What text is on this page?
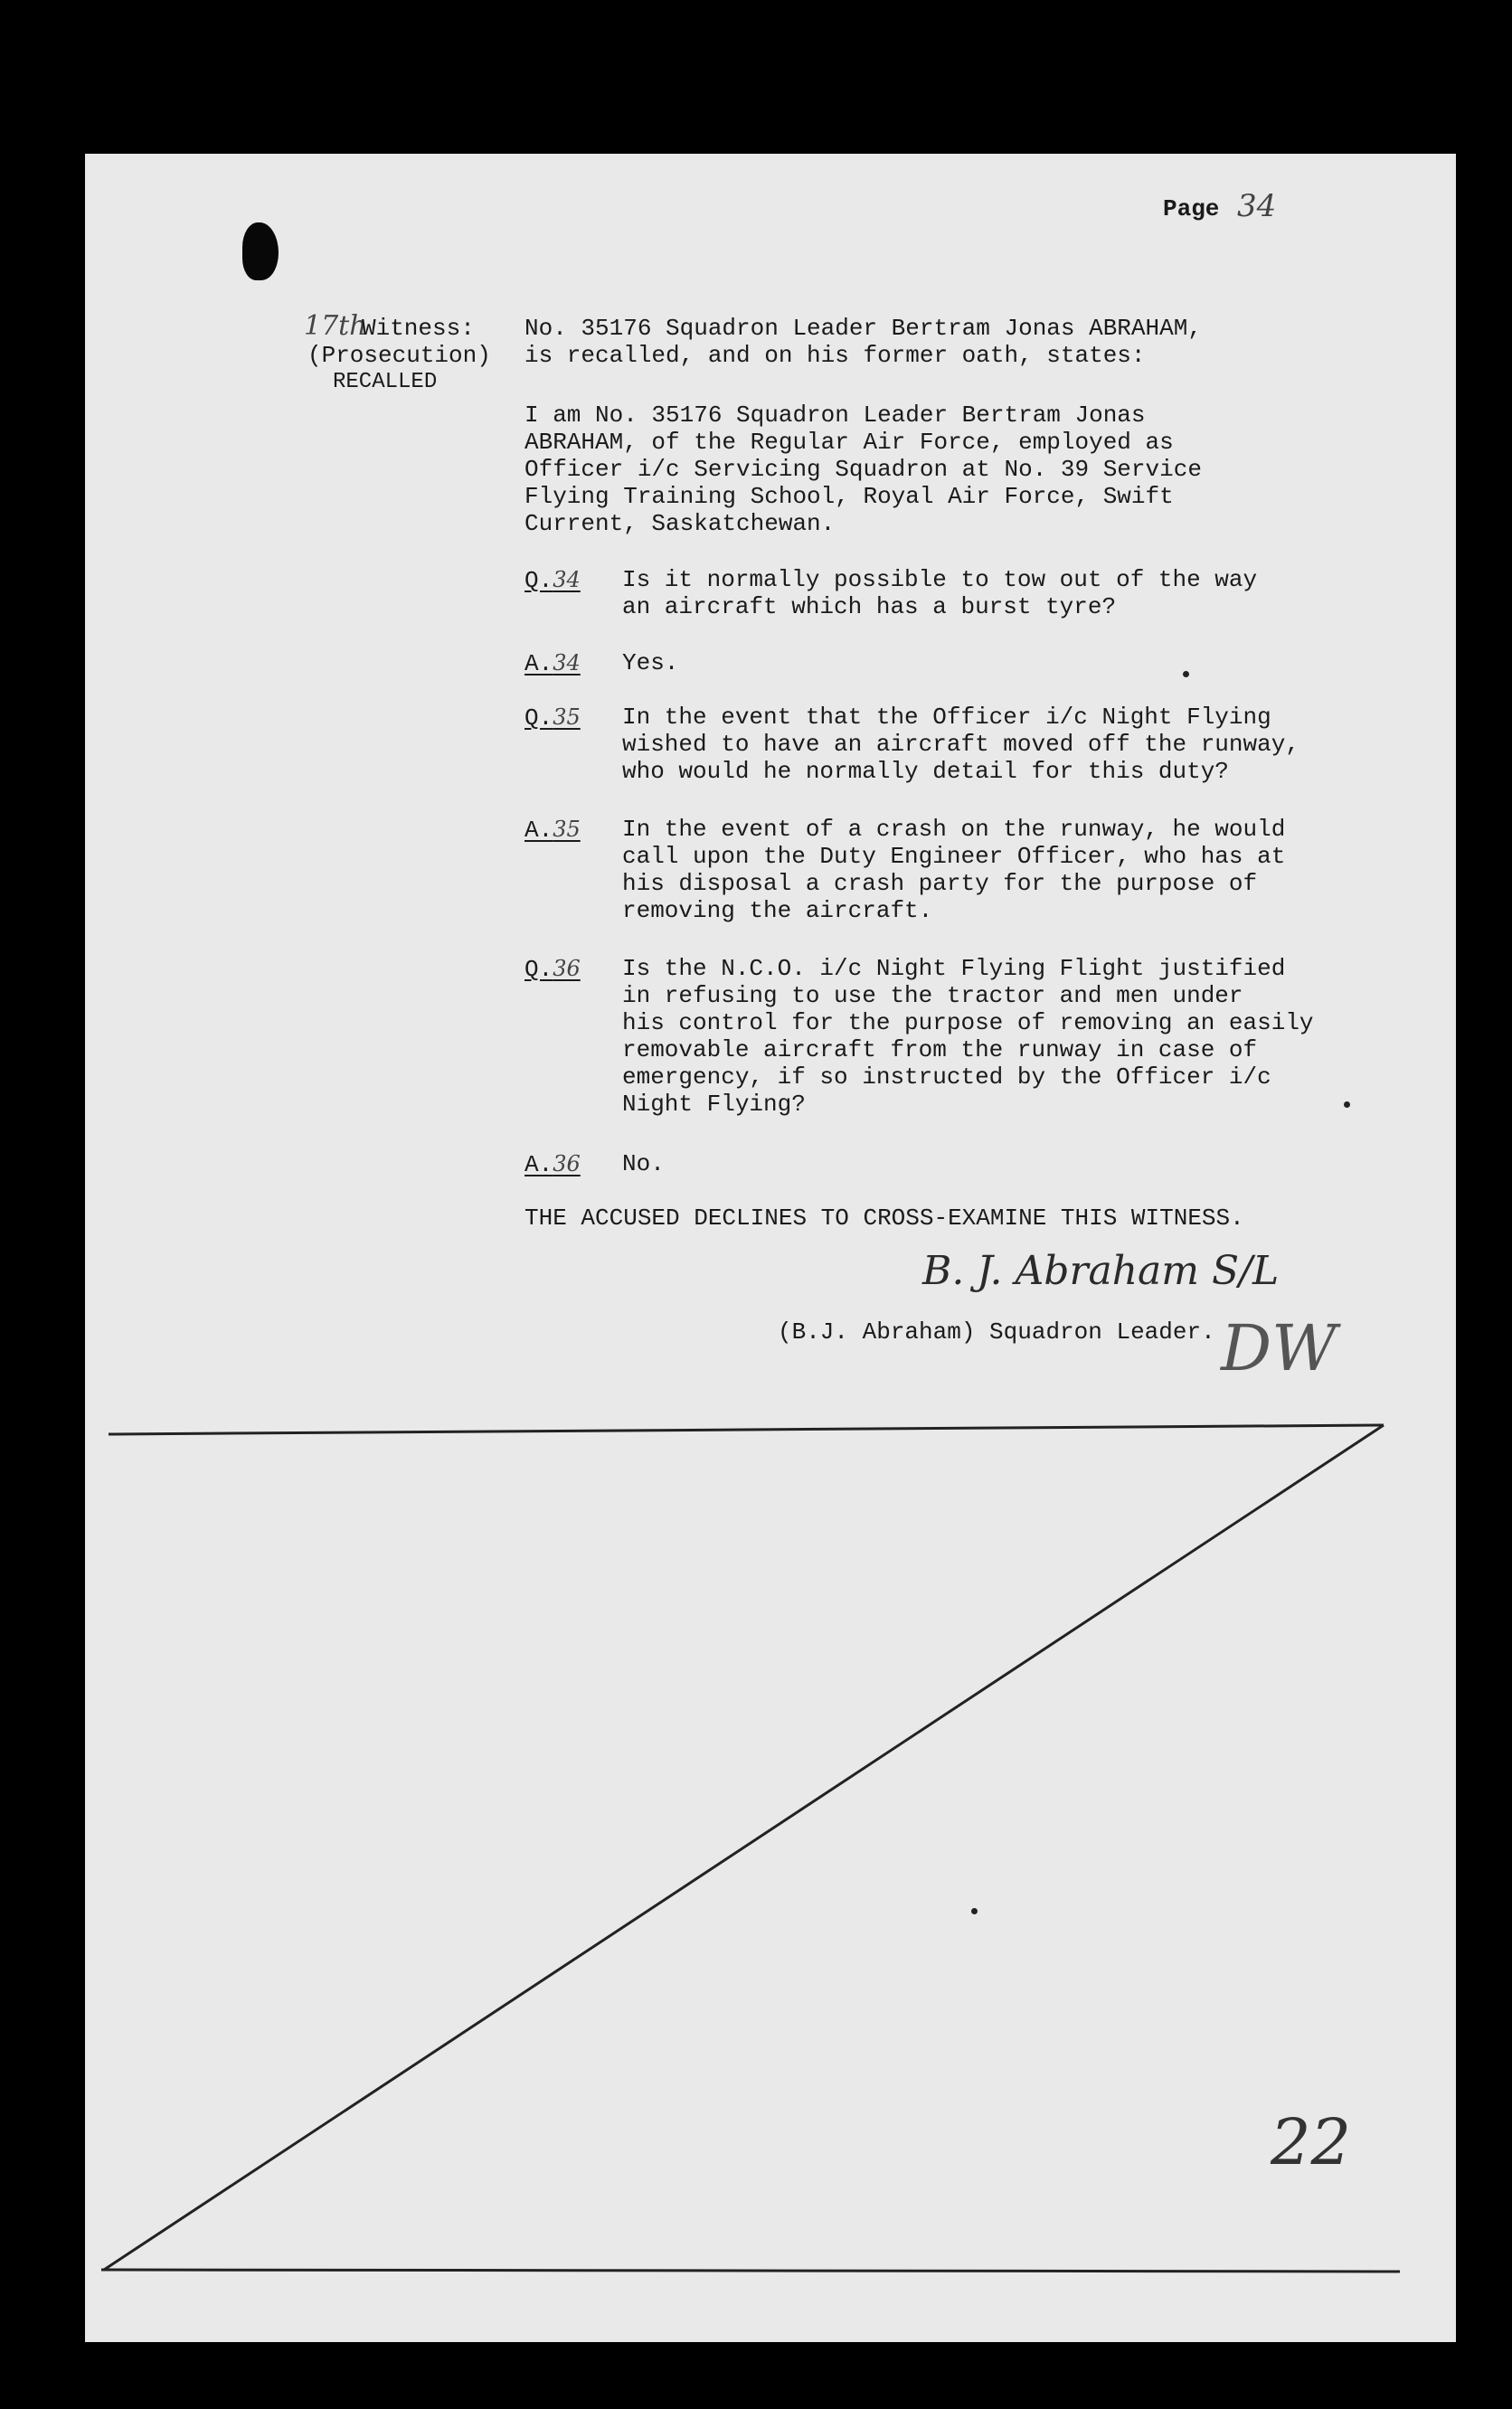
Page 34
17th
Witness:
(Prosecution)
RECALLED
No. 35176 Squadron Leader Bertram Jonas ABRAHAM,
is recalled, and on his former oath, states:
I am No. 35176 Squadron Leader Bertram Jonas
ABRAHAM, of the Regular Air Force, employed as
Officer i/c Servicing Squadron at No. 39 Service
Flying Training School, Royal Air Force, Swift
Current, Saskatchewan.
Q.34 Is it normally possible to tow out of the way
an aircraft which has a burst tyre?
A.34 Yes.
Q.35 In the event that the Officer i/c Night Flying
wished to have an aircraft moved off the runway,
who would he normally detail for this duty?
A.35 In the event of a crash on the runway, he would
call upon the Duty Engineer Officer, who has at
his disposal a crash party for the purpose of
removing the aircraft.
Q.36 Is the N.C.O. i/c Night Flying Flight justified
in refusing to use the tractor and men under
his control for the purpose of removing an easily
removable aircraft from the runway in case of
emergency, if so instructed by the Officer i/c
Night Flying?
A.36 No.
THE ACCUSED DECLINES TO CROSS-EXAMINE THIS WITNESS.
B. J. Abraham S/L
(B.J. Abraham) Squadron Leader. DW
22
